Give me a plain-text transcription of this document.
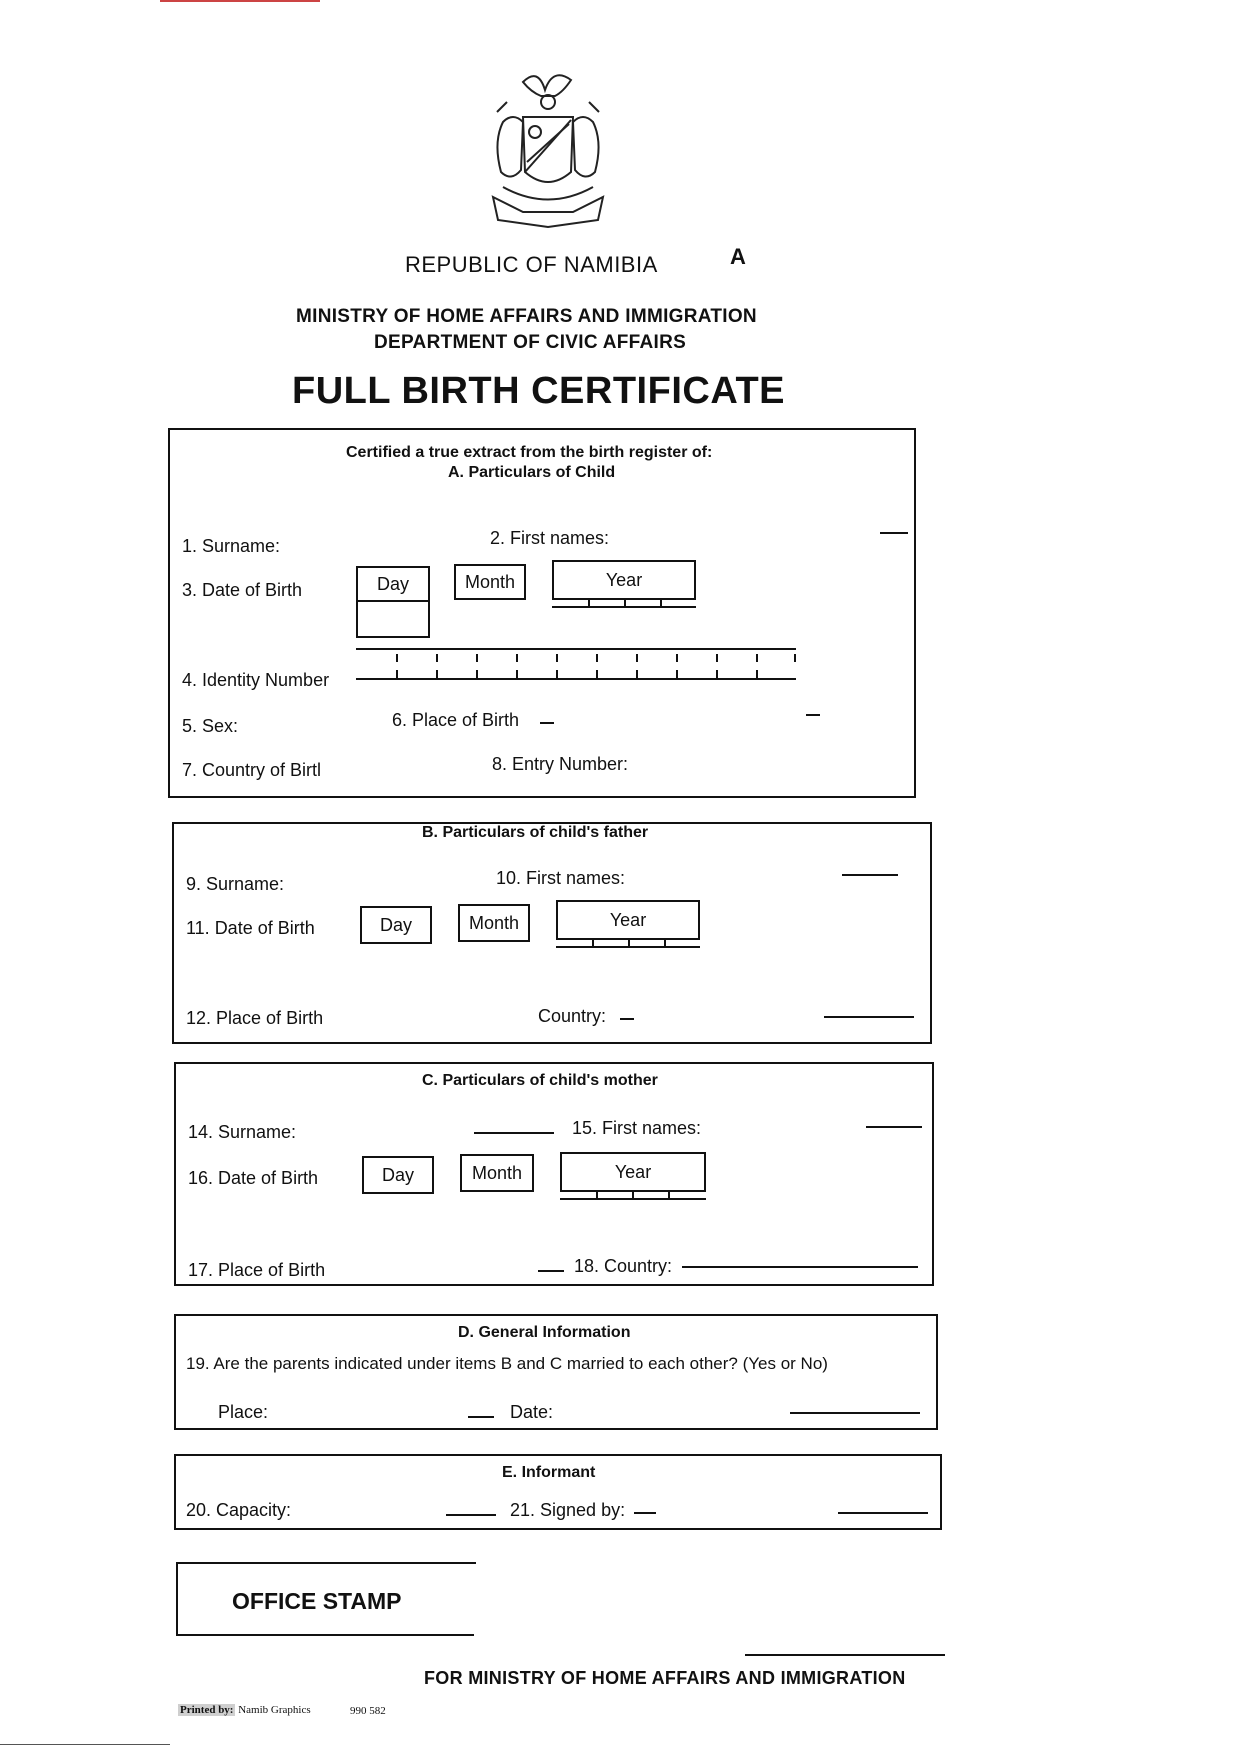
REPUBLIC OF NAMIBIA	A
MINISTRY OF HOME AFFAIRS AND IMMIGRATION
DEPARTMENT OF CIVIC AFFAIRS
FULL BIRTH CERTIFICATE
Certified a true extract from the birth register of:
A. Particulars of Child
1. Surname:	2. First names:
3. Date of Birth	Day	Month	Year
4. Identity Number
5. Sex:	6. Place of Birth
7. Country of Birtl	8. Entry Number:
B. Particulars of child's father
9. Surname:	10. First names:
11. Date of Birth	Day	Month	Year
12. Place of Birth	Country:
C. Particulars of child's mother
14. Surname:	15. First names:
16. Date of Birth	Day	Month	Year
17. Place of Birth	18. Country:
D. General Information
19. Are the parents indicated under items B and C married to each other? (Yes or No)
Place:	Date:
E. Informant
20. Capacity:	21. Signed by:
OFFICE STAMP
FOR MINISTRY OF HOME AFFAIRS AND IMMIGRATION
Printed by: Namib Graphics	990 582
